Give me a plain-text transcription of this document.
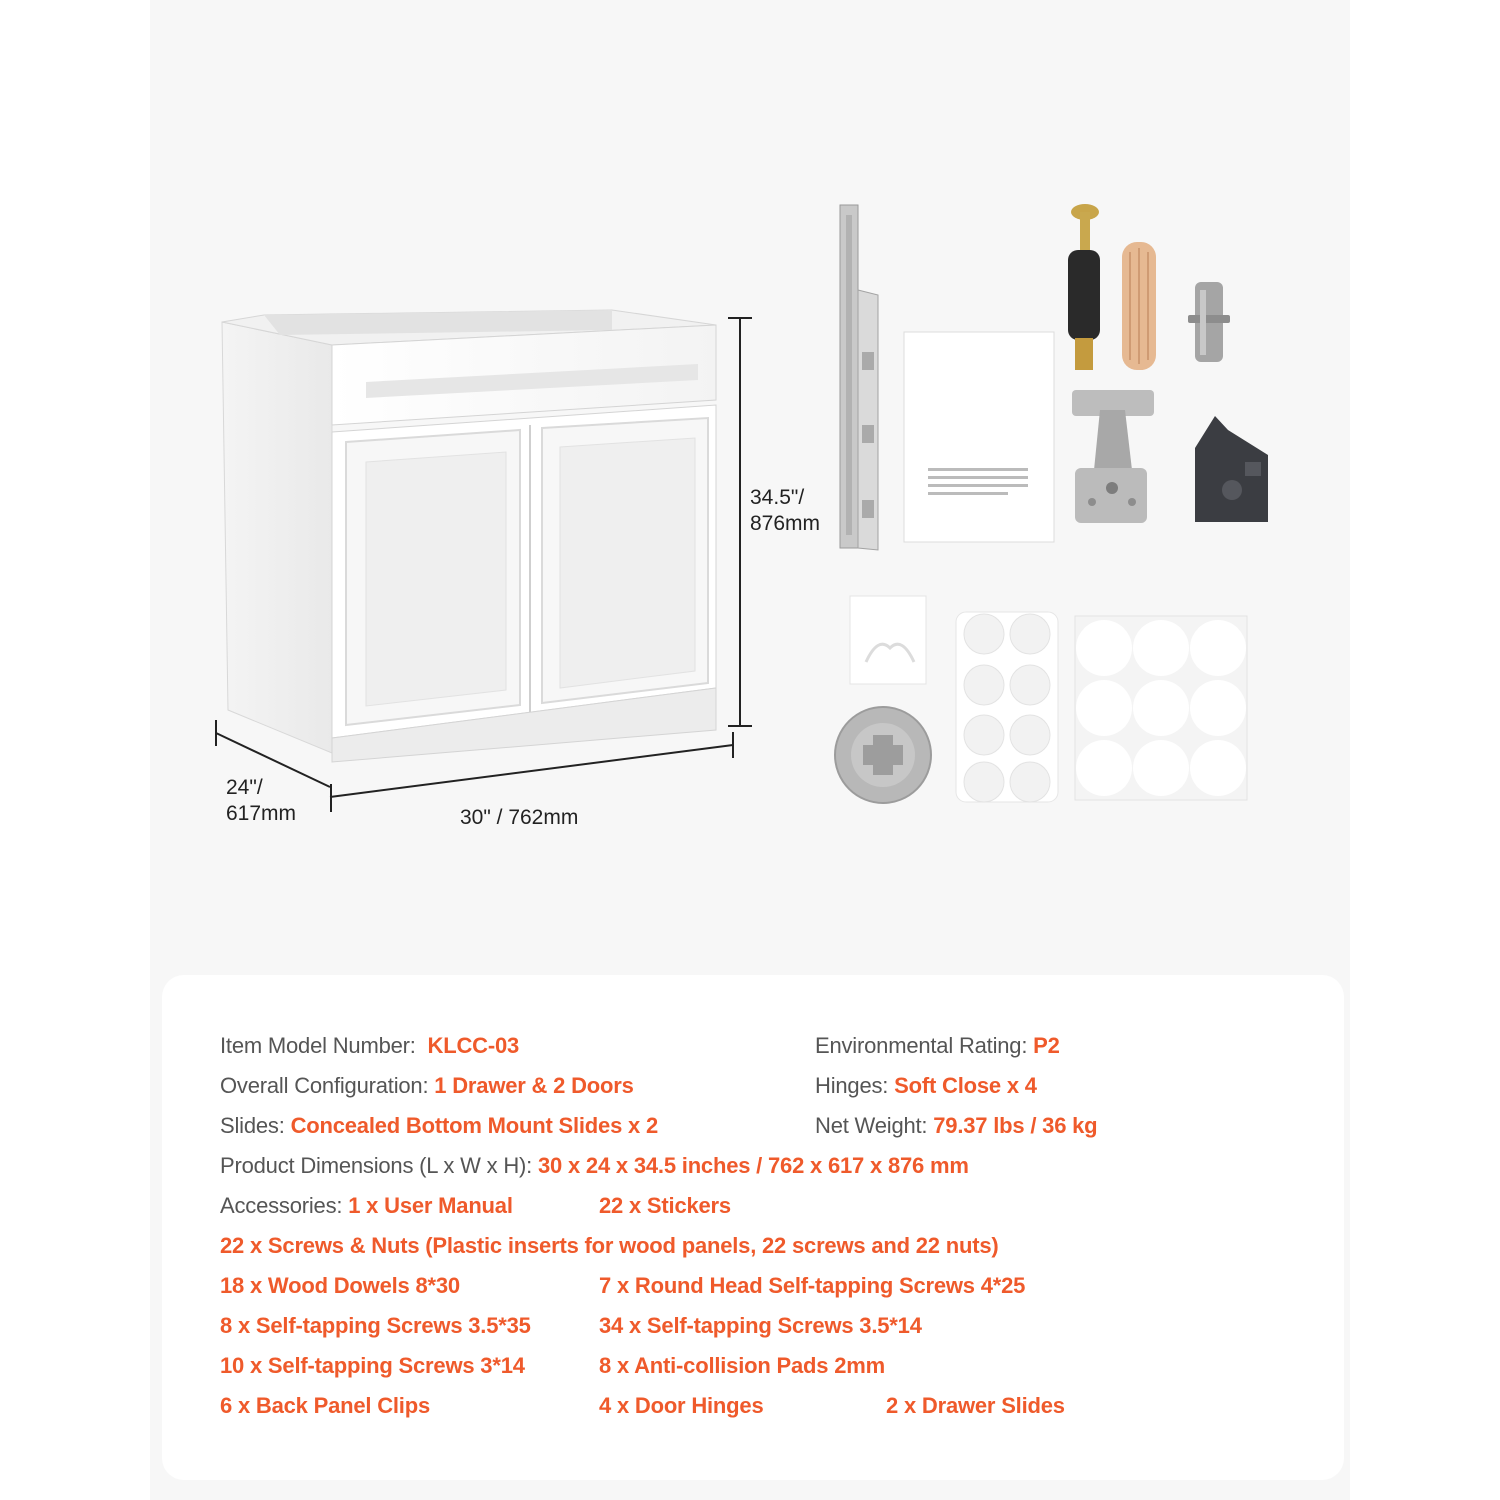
34.5"/
876mm
24"/
617mm	30" / 762mm
Item Model Number: KLCC-03	Environmental Rating: P2
Overall Configuration: 1 Drawer & 2 Doors	Hinges: Soft Close x 4
Slides: Concealed Bottom Mount Slides x 2	Net Weight: 79.37 lbs / 36 kg
Product Dimensions (L x W x H): 30 x 24 x 34.5 inches / 762 x 617 x 876 mm
Accessories: 1 x User Manual	22 x Stickers
22 x Screws & Nuts (Plastic inserts for wood panels, 22 screws and 22 nuts)
18 x Wood Dowels 8*30	7 x Round Head Self-tapping Screws 4*25
8 x Self-tapping Screws 3.5*35	34 x Self-tapping Screws 3.5*14
10 x Self-tapping Screws 3*14	8 x Anti-collision Pads 2mm
6 x Back Panel Clips	4 x Door Hinges	2 x Drawer Slides
